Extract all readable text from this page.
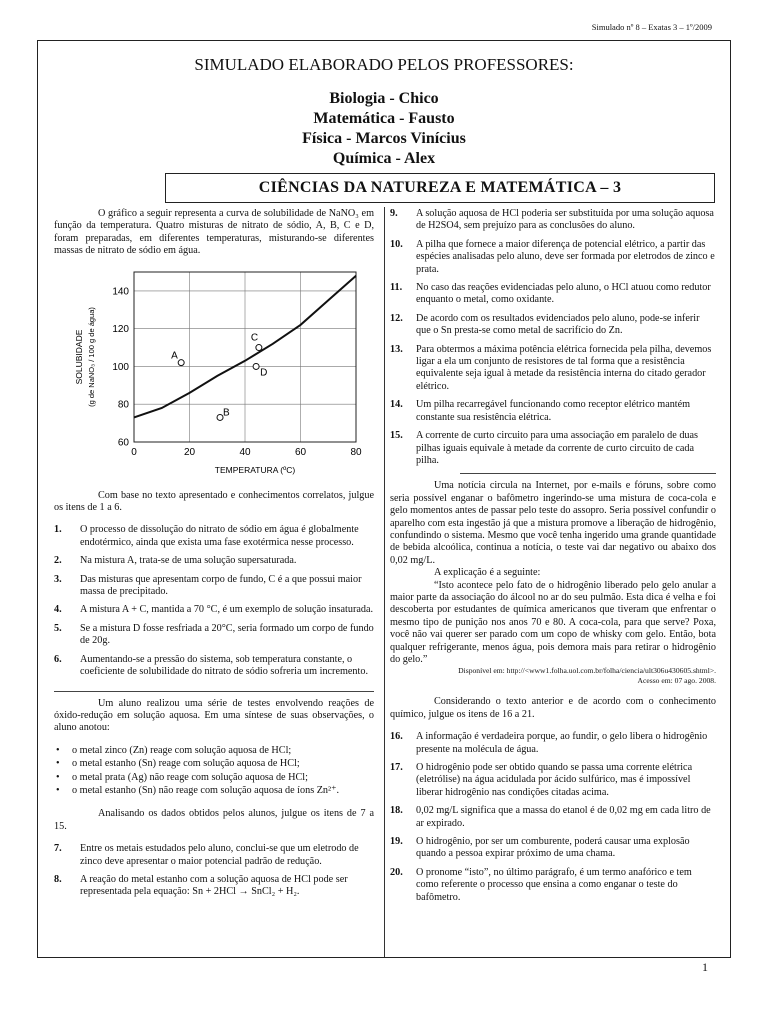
Simulado nº 8 – Exatas 3 – 1º/2009
SIMULADO ELABORADO PELOS PROFESSORES:
Biologia - Chico
Matemática - Fausto
Física - Marcos Vinícius
Química - Alex
CIÊNCIAS DA NATUREZA E MATEMÁTICA – 3

O gráfico a seguir representa a curva de solubilidade de NaNO₃ em função da temperatura. Quatro misturas de nitrato de sódio, A, B, C e D, foram preparadas, em diferentes temperaturas, misturando-se diferentes massas de nitrato de sódio em água.

60
80
100
120
140
0	20	40	60	80
TEMPERATURA (ºC)
SOLUBIDADE (g de NaNO₃ / 100 g de água)	A
B
C
D

Com base no texto apresentado e conhecimentos correlatos, julgue os itens de 1 a 6.

1.	O processo de dissolução do nitrato de sódio em água é globalmente endotérmico, ainda que exista uma fase exotérmica nesse processo.
2.	Na mistura A, trata-se de uma solução supersaturada.
3.	Das misturas que apresentam corpo de fundo, C é a que possui maior massa de precipitado.
4.	A mistura A + C, mantida a 70 °C, é um exemplo de solução insaturada.
5.	Se a mistura D fosse resfriada a 20°C, seria formado um corpo de fundo de 20g.
6.	Aumentando-se a pressão do sistema, sob temperatura constante, o coeficiente de solubilidade do nitrato de sódio sofreria um incremento.

Um aluno realizou uma série de testes envolvendo reações de óxido-redução em solução aquosa. Em uma síntese de suas observações, o aluno anotou:

•	o metal zinco (Zn) reage com solução aquosa de HCl;
•	o metal estanho (Sn) reage com solução aquosa de HCl;
•	o metal prata (Ag) não reage com solução aquosa de HCl;
•	o metal estanho (Sn) não reage com solução aquosa de íons Zn²⁺.

Analisando os dados obtidos pelos alunos, julgue os itens de 7 a 15.

7.	Entre os metais estudados pelo aluno, conclui-se que um eletrodo de zinco deve apresentar o maior potencial padrão de redução.
8.	A reação do metal estanho com a solução aquosa de HCl pode ser representada pela equação: Sn + 2HCl → SnCl₂ + H₂.
9.	A solução aquosa de HCl poderia ser substituída por uma solução aquosa de H2SO4, sem prejuízo para as conclusões do aluno.
10.	A pilha que fornece a maior diferença de potencial elétrico, a partir das espécies analisadas pelo aluno, deve ser formada por eletrodos de zinco e prata.
11.	No caso das reações evidenciadas pelo aluno, o HCl atuou como redutor enquanto o metal, como oxidante.
12.	De acordo com os resultados evidenciados pelo aluno, pode-se inferir que o Sn presta-se como metal de sacrifício do Zn.
13.	Para obtermos a máxima potência elétrica fornecida pela pilha, devemos ligar a ela um conjunto de resistores de tal forma que a resistência equivalente seja igual à metade da resistência interna do citado gerador elétrico.
14.	Um pilha recarregável funcionando como receptor elétrico mantém constante sua resistência elétrica.
15.	A corrente de curto circuito para uma associação em paralelo de duas pilhas iguais equivale à metade da corrente de curto circuito de cada pilha.

Uma notícia circula na Internet, por e-mails e fóruns, sobre como seria possível enganar o bafômetro ingerindo-se uma mistura de coca-cola e gelo momentos antes de passar pelo teste do assopro. Seria possível confundir o aparelho com esta ingestão já que a mistura promove a liberação de hidrogênio, confundindo o sistema. Mesmo que você tenha ingerido uma grande quantidade de bebida alcoólica, continua a notícia, o teste vai dar negativo ou abaixo dos 0,02 mg/L.

A explicação é a seguinte:

“Isto acontece pelo fato de o hidrogênio liberado pelo gelo anular a maior parte da associação do álcool no ar do seu pulmão. Esta dica é velha e foi descoberta por estudantes de química americanos que tiveram que enfrentar o mesmo tipo de punição nos anos 70 e 80. A coca-cola, para que serve? Poxa, você não vai querer ser parado com um copo de whisky com gelo. Então, bota qualquer refrigerante, menos água, pois demora mais para retirar o hidrogênio do gelo.”

Disponível em: http://<www1.folha.uol.com.br/folha/ciencia/ult306u430605.shtml>.
Acesso em: 07 ago. 2008.

Considerando o texto anterior e de acordo com o conhecimento químico, julgue os itens de 16 a 21.

16.	A informação é verdadeira porque, ao fundir, o gelo libera o hidrogênio presente na molécula de água.
17.	O hidrogênio pode ser obtido quando se passa uma corrente elétrica (eletrólise) na água acidulada por ácido sulfúrico, mas é impossível liberar hidrogênio nas condições citadas acima.
18.	0,02 mg/L significa que a massa do etanol é de 0,02 mg em cada litro de ar expirado.
19.	O hidrogênio, por ser um comburente, poderá causar uma explosão quando a pessoa expirar próximo de uma chama.
20.	O pronome “isto”, no último parágrafo, é um termo anafórico e tem como referente o processo que ensina a como enganar o teste do bafômetro.
1
